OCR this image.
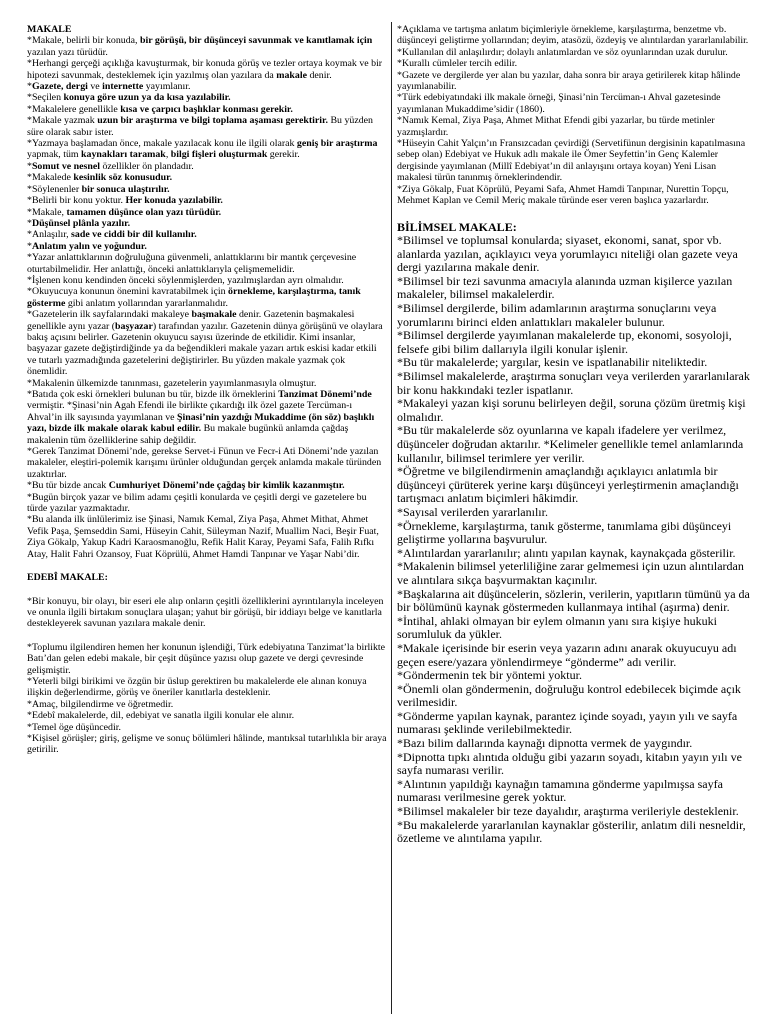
MAKALE

*Makale, belirli bir konuda, bir görüşü, bir düşünceyi savunmak ve kanıtlamak için yazılan yazı türüdür.

*Herhangi gerçeği açıklığa kavuşturmak, bir konuda görüş ve tezler ortaya koymak ve bir hipotezi savunmak, desteklemek için yazılmış olan yazılara da makale denir.

*Gazete, dergi ve internette yayımlanır.

*Seçilen konuya göre uzun ya da kısa yazılabilir.

*Makalelere genellikle kısa ve çarpıcı başlıklar konması gerekir.

*Makale yazmak uzun bir araştırma ve bilgi toplama aşaması gerektirir. Bu yüzden süre olarak sabır ister.

*Yazmaya başlamadan önce, makale yazılacak konu ile ilgili olarak geniş bir araştırma yapmak, tüm kaynakları taramak, bilgi fişleri oluşturmak gerekir.

*Somut ve nesnel özellikler ön plandadır.

*Makalede kesinlik söz konusudur.

*Söylenenler bir sonuca ulaştırılır.

*Belirli bir konu yoktur. Her konuda yazılabilir.

*Makale, tamamen düşünce olan yazı türüdür.

*Düşünsel plânla yazılır.

*Anlaşılır, sade ve ciddi bir dil kullanılır.

*Anlatım yalın ve yoğundur.

*Yazar anlattıklarının doğruluğuna güvenmeli, anlattıklarını bir mantık çerçevesine oturtabilmelidir. Her anlattığı, önceki anlattıklarıyla çelişmemelidir.

*İşlenen konu kendinden önceki söylenmişlerden, yazılmışlardan ayrı olmalıdır.

*Okuyucuya konunun önemini kavratabilmek için örnekleme, karşılaştırma, tanık gösterme gibi anlatım yollarından yararlanmalıdır.

*Gazetelerin ilk sayfalarındaki makaleye başmakale denir. Gazetenin başmakalesi genellikle aynı yazar (başyazar) tarafından yazılır. Gazetenin dünya görüşünü ve olaylara bakış açısını belirler. Gazetenin okuyucu sayısı üzerinde de etkilidir. Kimi insanlar, başyazar gazete değiştirdiğinde ya da beğendikleri makale yazarı artık eskisi kadar etkili ve tutarlı yazmadığında gazetelerini değiştirirler. Bu yüzden makale yazmak çok önemlidir.

*Makalenin ülkemizde tanınması, gazetelerin yayımlanmasıyla olmuştur.

*Batıda çok eski örnekleri bulunan bu tür, bizde ilk örneklerini Tanzimat Dönemi’nde vermiştir. *Şinasi’nin Agah Efendi ile birlikte çıkardığı ilk özel gazete Tercüman-ı Ahval’in ilk sayısında yayımlanan ve Şinasi’nin yazdığı Mukaddime (ön söz) başlıklı yazı, bizde ilk makale olarak kabul edilir. Bu makale bugünkü anlamda çağdaş makalenin tüm özelliklerine sahip değildir.

*Gerek Tanzimat Dönemi’nde, gerekse Servet-i Fünun ve Fecr-i Ati Dönemi’nde yazılan makaleler, eleştiri-polemik karışımı ürünler olduğundan gerçek anlamda makale türünden uzaktırlar.

*Bu tür bizde ancak Cumhuriyet Dönemi’nde çağdaş bir kimlik kazanmıştır.

*Bugün birçok yazar ve bilim adamı çeşitli konularda ve çeşitli dergi ve gazetelere bu türde yazılar yazmaktadır.

*Bu alanda ilk ünlülerimiz ise Şinasi, Namık Kemal, Ziya Paşa, Ahmet Mithat, Ahmet Vefik Paşa, Şemseddin Sami, Hüseyin Cahit, Süleyman Nazif, Muallim Naci, Beşir Fuat, Ziya Gökalp, Yakup Kadri Karaosmanoğlu, Refik Halit Karay, Peyami Safa, Falih Rıfkı Atay, Halit Fahri Ozansoy, Fuat Köprülü, Ahmet Hamdi Tanpınar ve Yaşar Nabi’dir.

EDEBÎ MAKALE:

*Bir konuyu, bir olayı, bir eseri ele alıp onların çeşitli özelliklerini ayrıntılarıyla inceleyen ve onunla ilgili birtakım sonuçlara ulaşan; yahut bir görüşü, bir iddiayı belge ve kanıtlarla destekleyerek savunan yazılara makale denir.

*Toplumu ilgilendiren hemen her konunun işlendiği, Türk edebiyatına Tanzimat’la birlikte Batı’dan gelen edebi makale, bir çeşit düşünce yazısı olup gazete ve dergi çevresinde gelişmiştir.

*Yeterli bilgi birikimi ve özgün bir üslup gerektiren bu makalelerde ele alınan konuya ilişkin değerlendirme, görüş ve öneriler kanıtlarla desteklenir.

*Amaç, bilgilendirme ve öğretmedir.

*Edebî makalelerde, dil, edebiyat ve sanatla ilgili konular ele alınır.

*Temel öge düşüncedir.

*Kişisel görüşler; giriş, gelişme ve sonuç bölümleri hâlinde, mantıksal tutarlılıkla bir araya getirilir.

*Açıklama ve tartışma anlatım biçimleriyle örnekleme, karşılaştırma, benzetme vb. düşünceyi geliştirme yollarından; deyim, atasözü, özdeyiş ve alıntılardan yararlanılabilir.

*Kullanılan dil anlaşılırdır; dolaylı anlatımlardan ve söz oyunlarından uzak durulur.

*Kurallı cümleler tercih edilir.

*Gazete ve dergilerde yer alan bu yazılar, daha sonra bir araya getirilerek kitap hâlinde yayımlanabilir.

*Türk edebiyatındaki ilk makale örneği, Şinasi’nin Tercüman-ı Ahval gazetesinde yayımlanan Mukaddime’sidir (1860).

*Namık Kemal, Ziya Paşa, Ahmet Mithat Efendi gibi yazarlar, bu türde metinler yazmışlardır.

*Hüseyin Cahit Yalçın’ın Fransızcadan çevirdiği (Servetifünun dergisinin kapatılmasına sebep olan) Edebiyat ve Hukuk adlı makale ile Ömer Seyfettin’in Genç Kalemler dergisinde yayımlanan (Millî Edebiyat’ın dil anlayışını ortaya koyan) Yeni Lisan makalesi türün tanınmış örneklerindendir.

*Ziya Gökalp, Fuat Köprülü, Peyami Safa, Ahmet Hamdi Tanpınar, Nurettin Topçu, Mehmet Kaplan ve Cemil Meriç makale türünde eser veren başlıca yazarlardır.

BİLİMSEL MAKALE:

*Bilimsel ve toplumsal konularda; siyaset, ekonomi, sanat, spor vb. alanlarda yazılan, açıklayıcı veya yorumlayıcı niteliği olan gazete veya dergi yazılarına makale denir.

*Bilimsel bir tezi savunma amacıyla alanında uzman kişilerce yazılan makaleler, bilimsel makalelerdir.

*Bilimsel dergilerde, bilim adamlarının araştırma sonuçlarını veya yorumlarını birinci elden anlattıkları makaleler bulunur.

*Bilimsel dergilerde yayımlanan makalelerde tıp, ekonomi, sosyoloji, felsefe gibi bilim dallarıyla ilgili konular işlenir.

*Bu tür makalelerde; yargılar, kesin ve ispatlanabilir niteliktedir.

*Bilimsel makalelerde, araştırma sonuçları veya verilerden yararlanılarak bir konu hakkındaki tezler ispatlanır.

*Makaleyi yazan kişi sorunu belirleyen değil, soruna çözüm üretmiş kişi olmalıdır.

*Bu tür makalelerde söz oyunlarına ve kapalı ifadelere yer verilmez, düşünceler doğrudan aktarılır. *Kelimeler genellikle temel anlamlarında kullanılır, bilimsel terimlere yer verilir.

*Öğretme ve bilgilendirmenin amaçlandığı açıklayıcı anlatımla bir düşünceyi çürüterek yerine karşı düşünceyi yerleştirmenin amaçlandığı tartışmacı anlatım biçimleri hâkimdir.

*Sayısal verilerden yararlanılır.

*Örnekleme, karşılaştırma, tanık gösterme, tanımlama gibi düşünceyi geliştirme yollarına başvurulur.

*Alıntılardan yararlanılır; alıntı yapılan kaynak, kaynakçada gösterilir.

*Makalenin bilimsel yeterliliğine zarar gelmemesi için uzun alıntılardan ve alıntılara sıkça başvurmaktan kaçınılır.

*Başkalarına ait düşüncelerin, sözlerin, verilerin, yapıtların tümünü ya da bir bölümünü kaynak göstermeden kullanmaya intihal (aşırma) denir.

*İntihal, ahlaki olmayan bir eylem olmanın yanı sıra kişiye hukuki sorumluluk da yükler.

*Makale içerisinde bir eserin veya yazarın adını anarak okuyucuyu adı geçen esere/yazara yönlendirmeye “gönderme” adı verilir.

*Göndermenin tek bir yöntemi yoktur.

*Önemli olan göndermenin, doğruluğu kontrol edebilecek biçimde açık verilmesidir.

*Gönderme yapılan kaynak, parantez içinde soyadı, yayın yılı ve sayfa numarası şeklinde verilebilmektedir.

*Bazı bilim dallarında kaynağı dipnotta vermek de yaygındır.

*Dipnotta tıpkı alıntıda olduğu gibi yazarın soyadı, kitabın yayın yılı ve sayfa numarası verilir.

*Alıntının yapıldığı kaynağın tamamına gönderme yapılmışsa sayfa numarası verilmesine gerek yoktur.

*Bilimsel makaleler bir teze dayalıdır, araştırma verileriyle desteklenir.

*Bu makalelerde yararlanılan kaynaklar gösterilir, anlatım dili nesneldir, özetleme ve alıntılama yapılır.
